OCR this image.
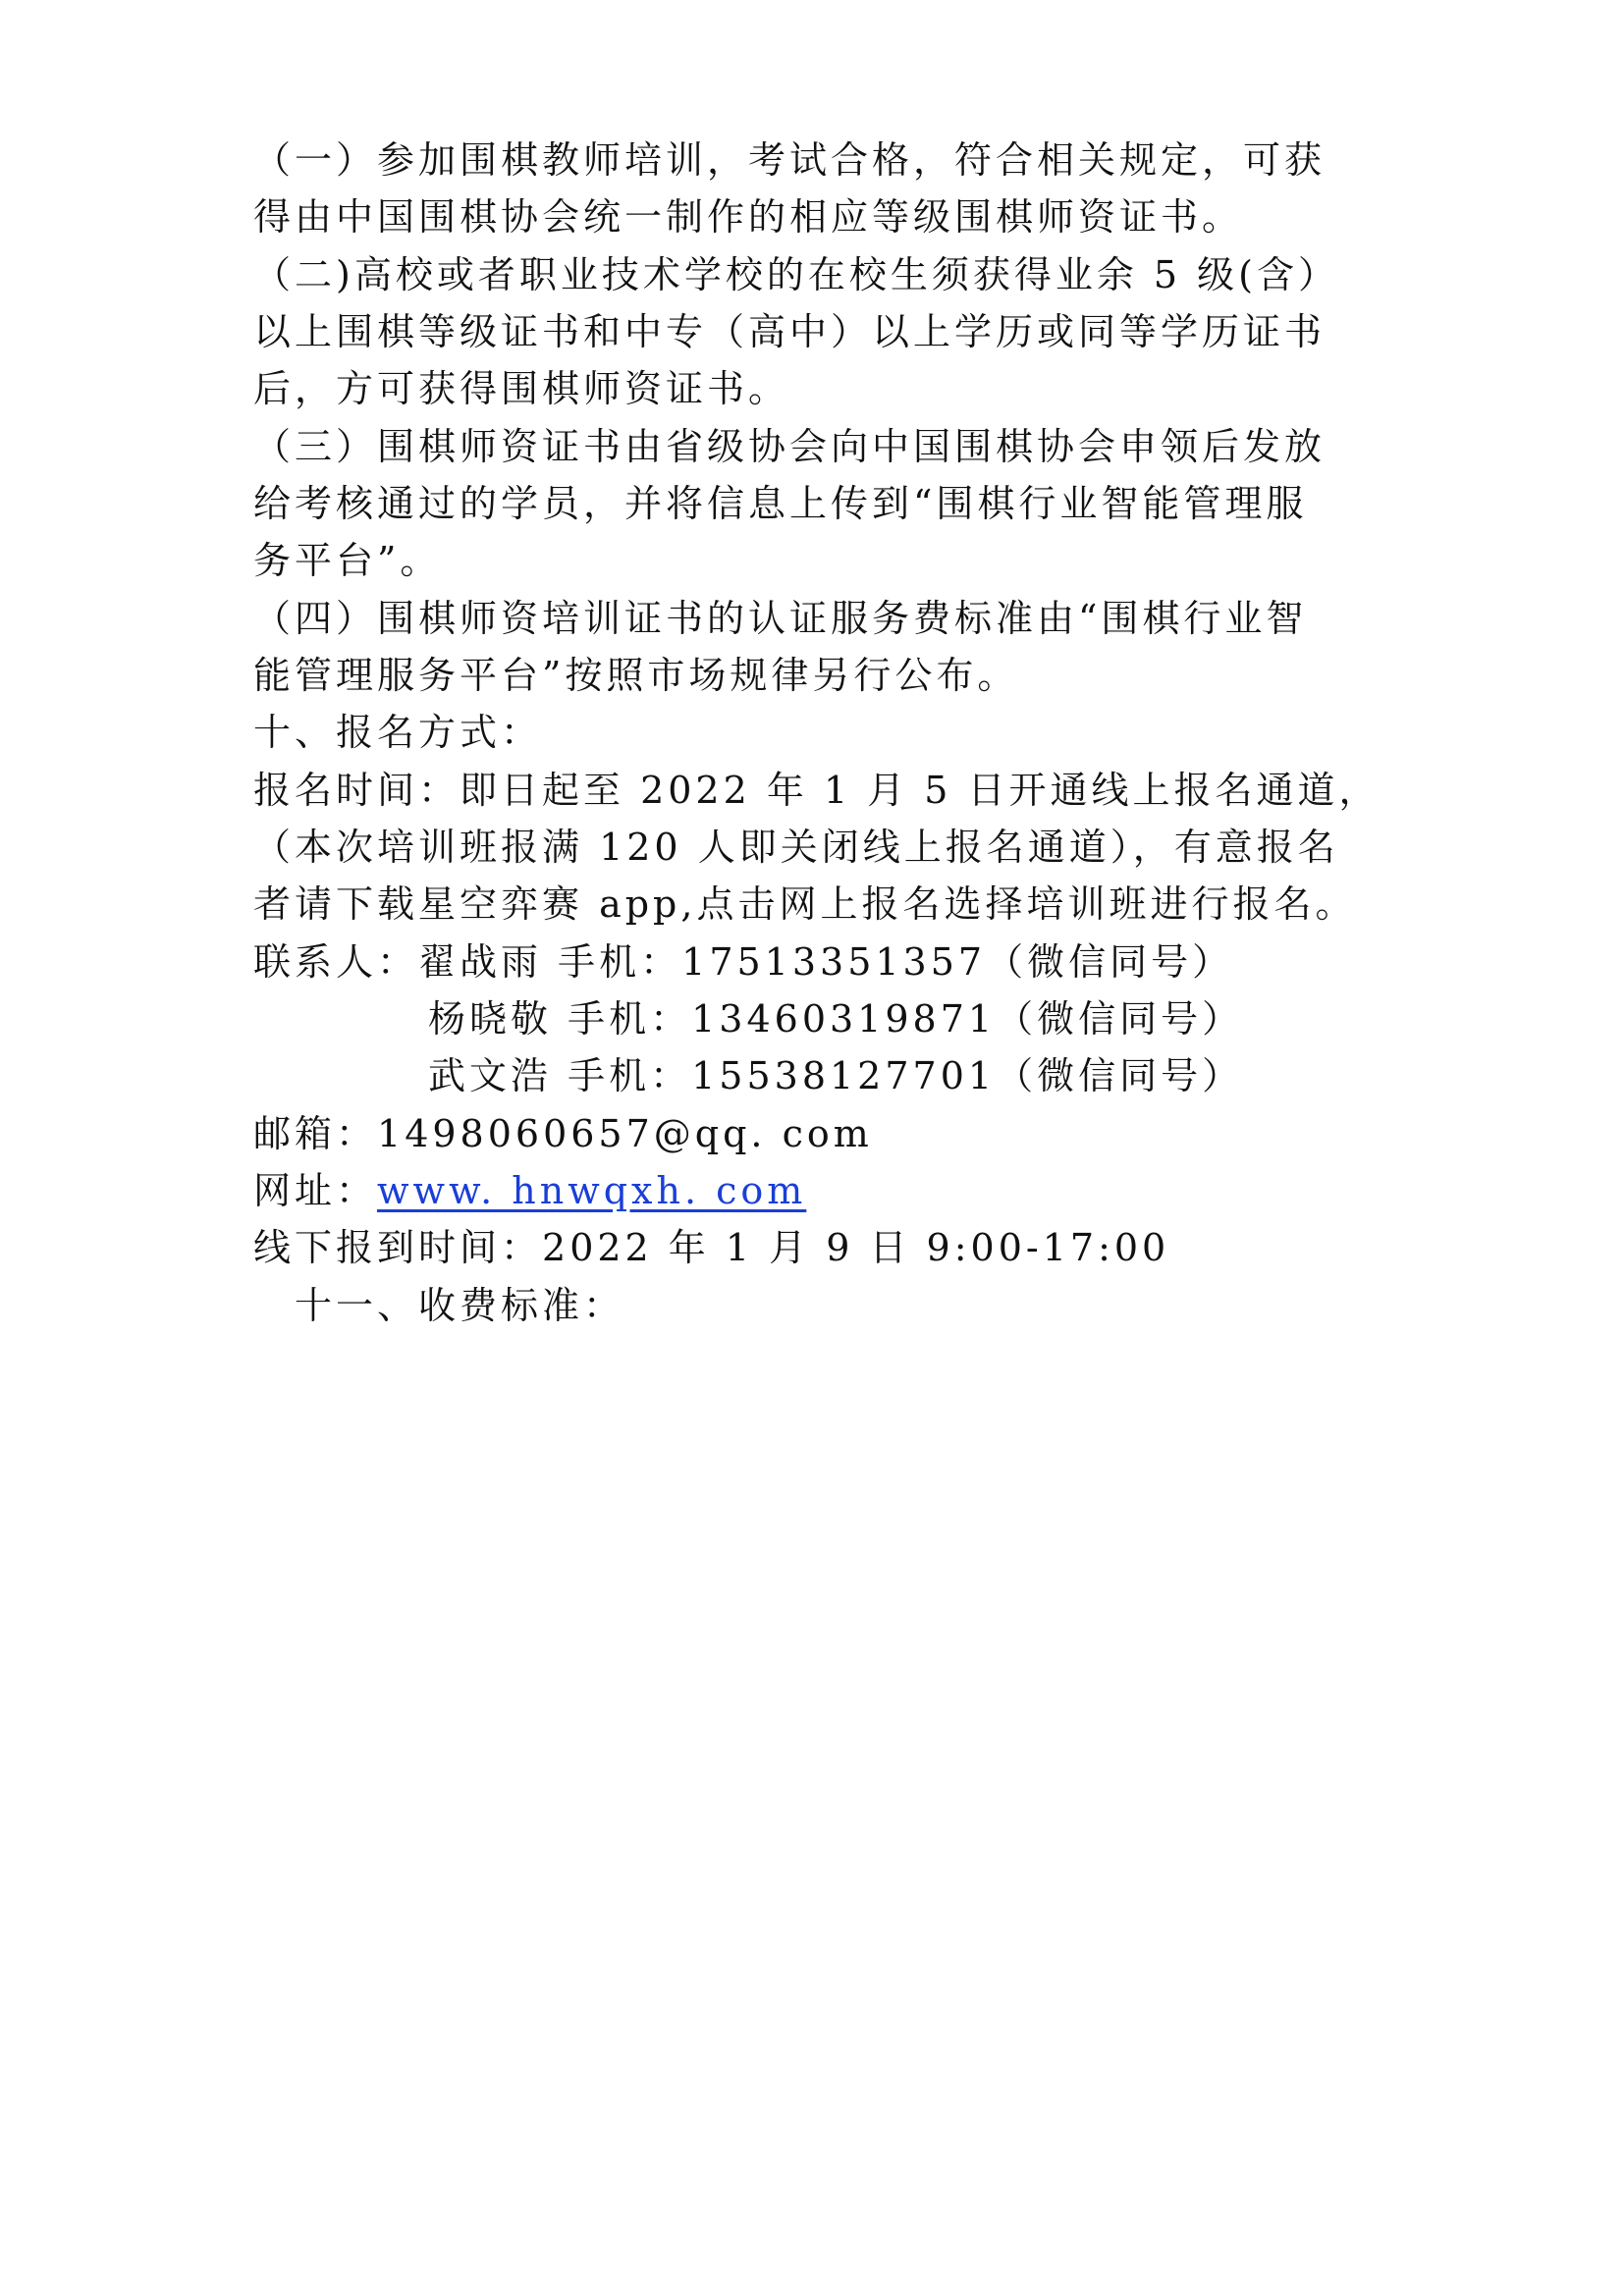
（一）参加围棋教师培训，考试合格，符合相关规定，可获
得由中国围棋协会统一制作的相应等级围棋师资证书。
（二)高校或者职业技术学校的在校生须获得业余 5 级(含）
以上围棋等级证书和中专（高中）以上学历或同等学历证书
后，方可获得围棋师资证书。
（三）围棋师资证书由省级协会向中国围棋协会申领后发放
给考核通过的学员，并将信息上传到“围棋行业智能管理服
务平台”。
（四）围棋师资培训证书的认证服务费标准由“围棋行业智
能管理服务平台”按照市场规律另行公布。
十、报名方式：
报名时间：即日起至 2022 年 1 月 5 日开通线上报名通道，
（本次培训班报满 120 人即关闭线上报名通道），有意报名
者请下载星空弈赛 app,点击网上报名选择培训班进行报名。
联系人：翟战雨 手机：17513351357（微信同号）
杨晓敬 手机：13460319871（微信同号）
武文浩 手机：15538127701（微信同号）
邮箱：1498060657@qq. com
网址：www. hnwqxh. com
线下报到时间：2022 年 1 月 9 日 9:00-17:00
十一、收费标准：
